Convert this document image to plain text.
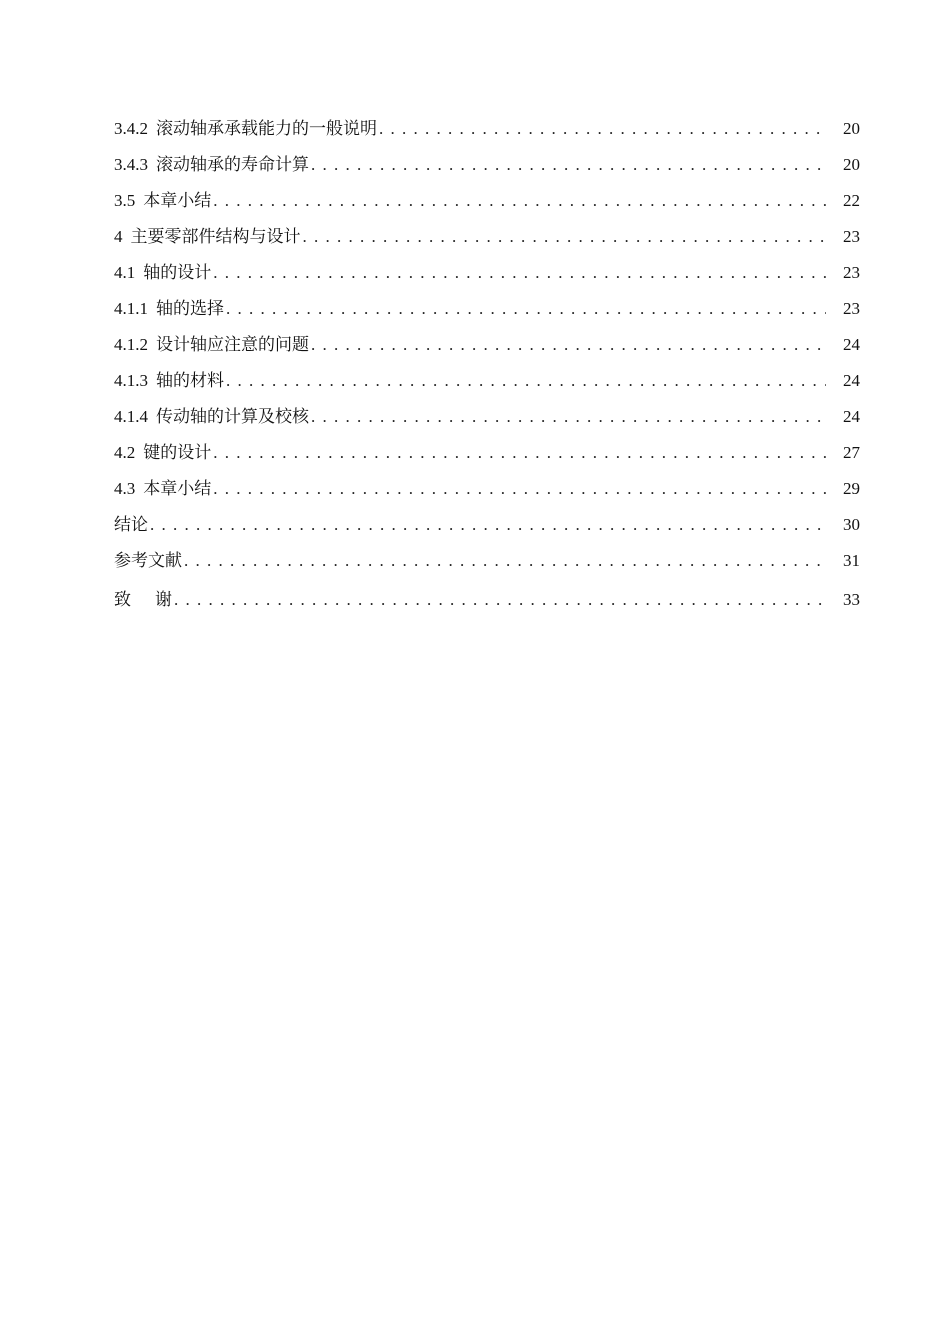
3.4.2 滚动轴承承载能力的一般说明 . . .	20
3.4.3 滚动轴承的寿命计算 . . .	20
3.5 本章小结 . . .	22
4 主要零部件结构与设计 . . .	23
4.1 轴的设计 . . .	23
4.1.1 轴的选择 . . .	23
4.1.2 设计轴应注意的问题 . . .	24
4.1.3 轴的材料 . . .	24
4.1.4 传动轴的计算及校核 . . .	24
4.2 键的设计 . . .	27
4.3 本章小结 . . .	29
结论 . . .	30
参考文献 . . .	31
致 谢 . . .	33
